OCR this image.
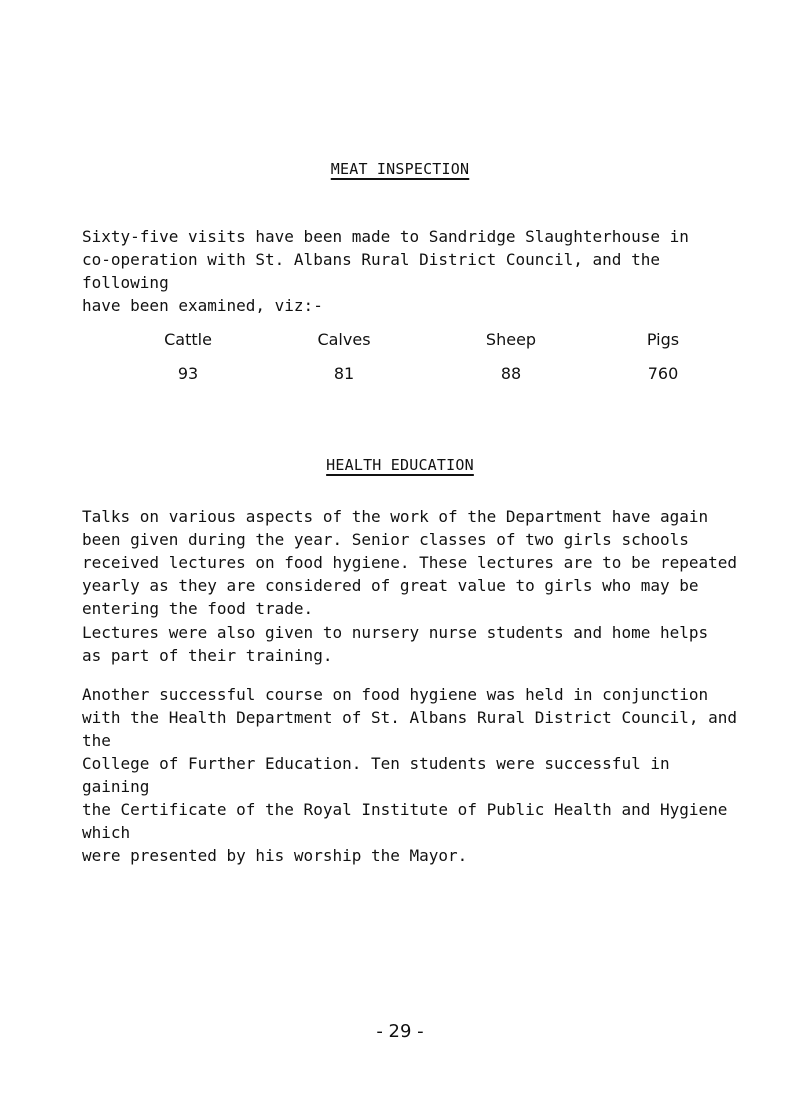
MEAT INSPECTION

Sixty-five visits have been made to Sandridge Slaughterhouse in
co-operation with St. Albans Rural District Council, and the following
have been examined, viz:-

Cattle
93
Calves
81
Sheep
88
Pigs
760
HEALTH EDUCATION

Talks on various aspects of the work of the Department have again
been given during the year. Senior classes of two girls schools
received lectures on food hygiene. These lectures are to be repeated
yearly as they are considered of great value to girls who may be
entering the food trade.

Lectures were also given to nursery nurse students and home helps
as part of their training.

Another successful course on food hygiene was held in conjunction
with the Health Department of St. Albans Rural District Council, and the
College of Further Education. Ten students were successful in gaining
the Certificate of the Royal Institute of Public Health and Hygiene which
were presented by his worship the Mayor.

- 29 -
